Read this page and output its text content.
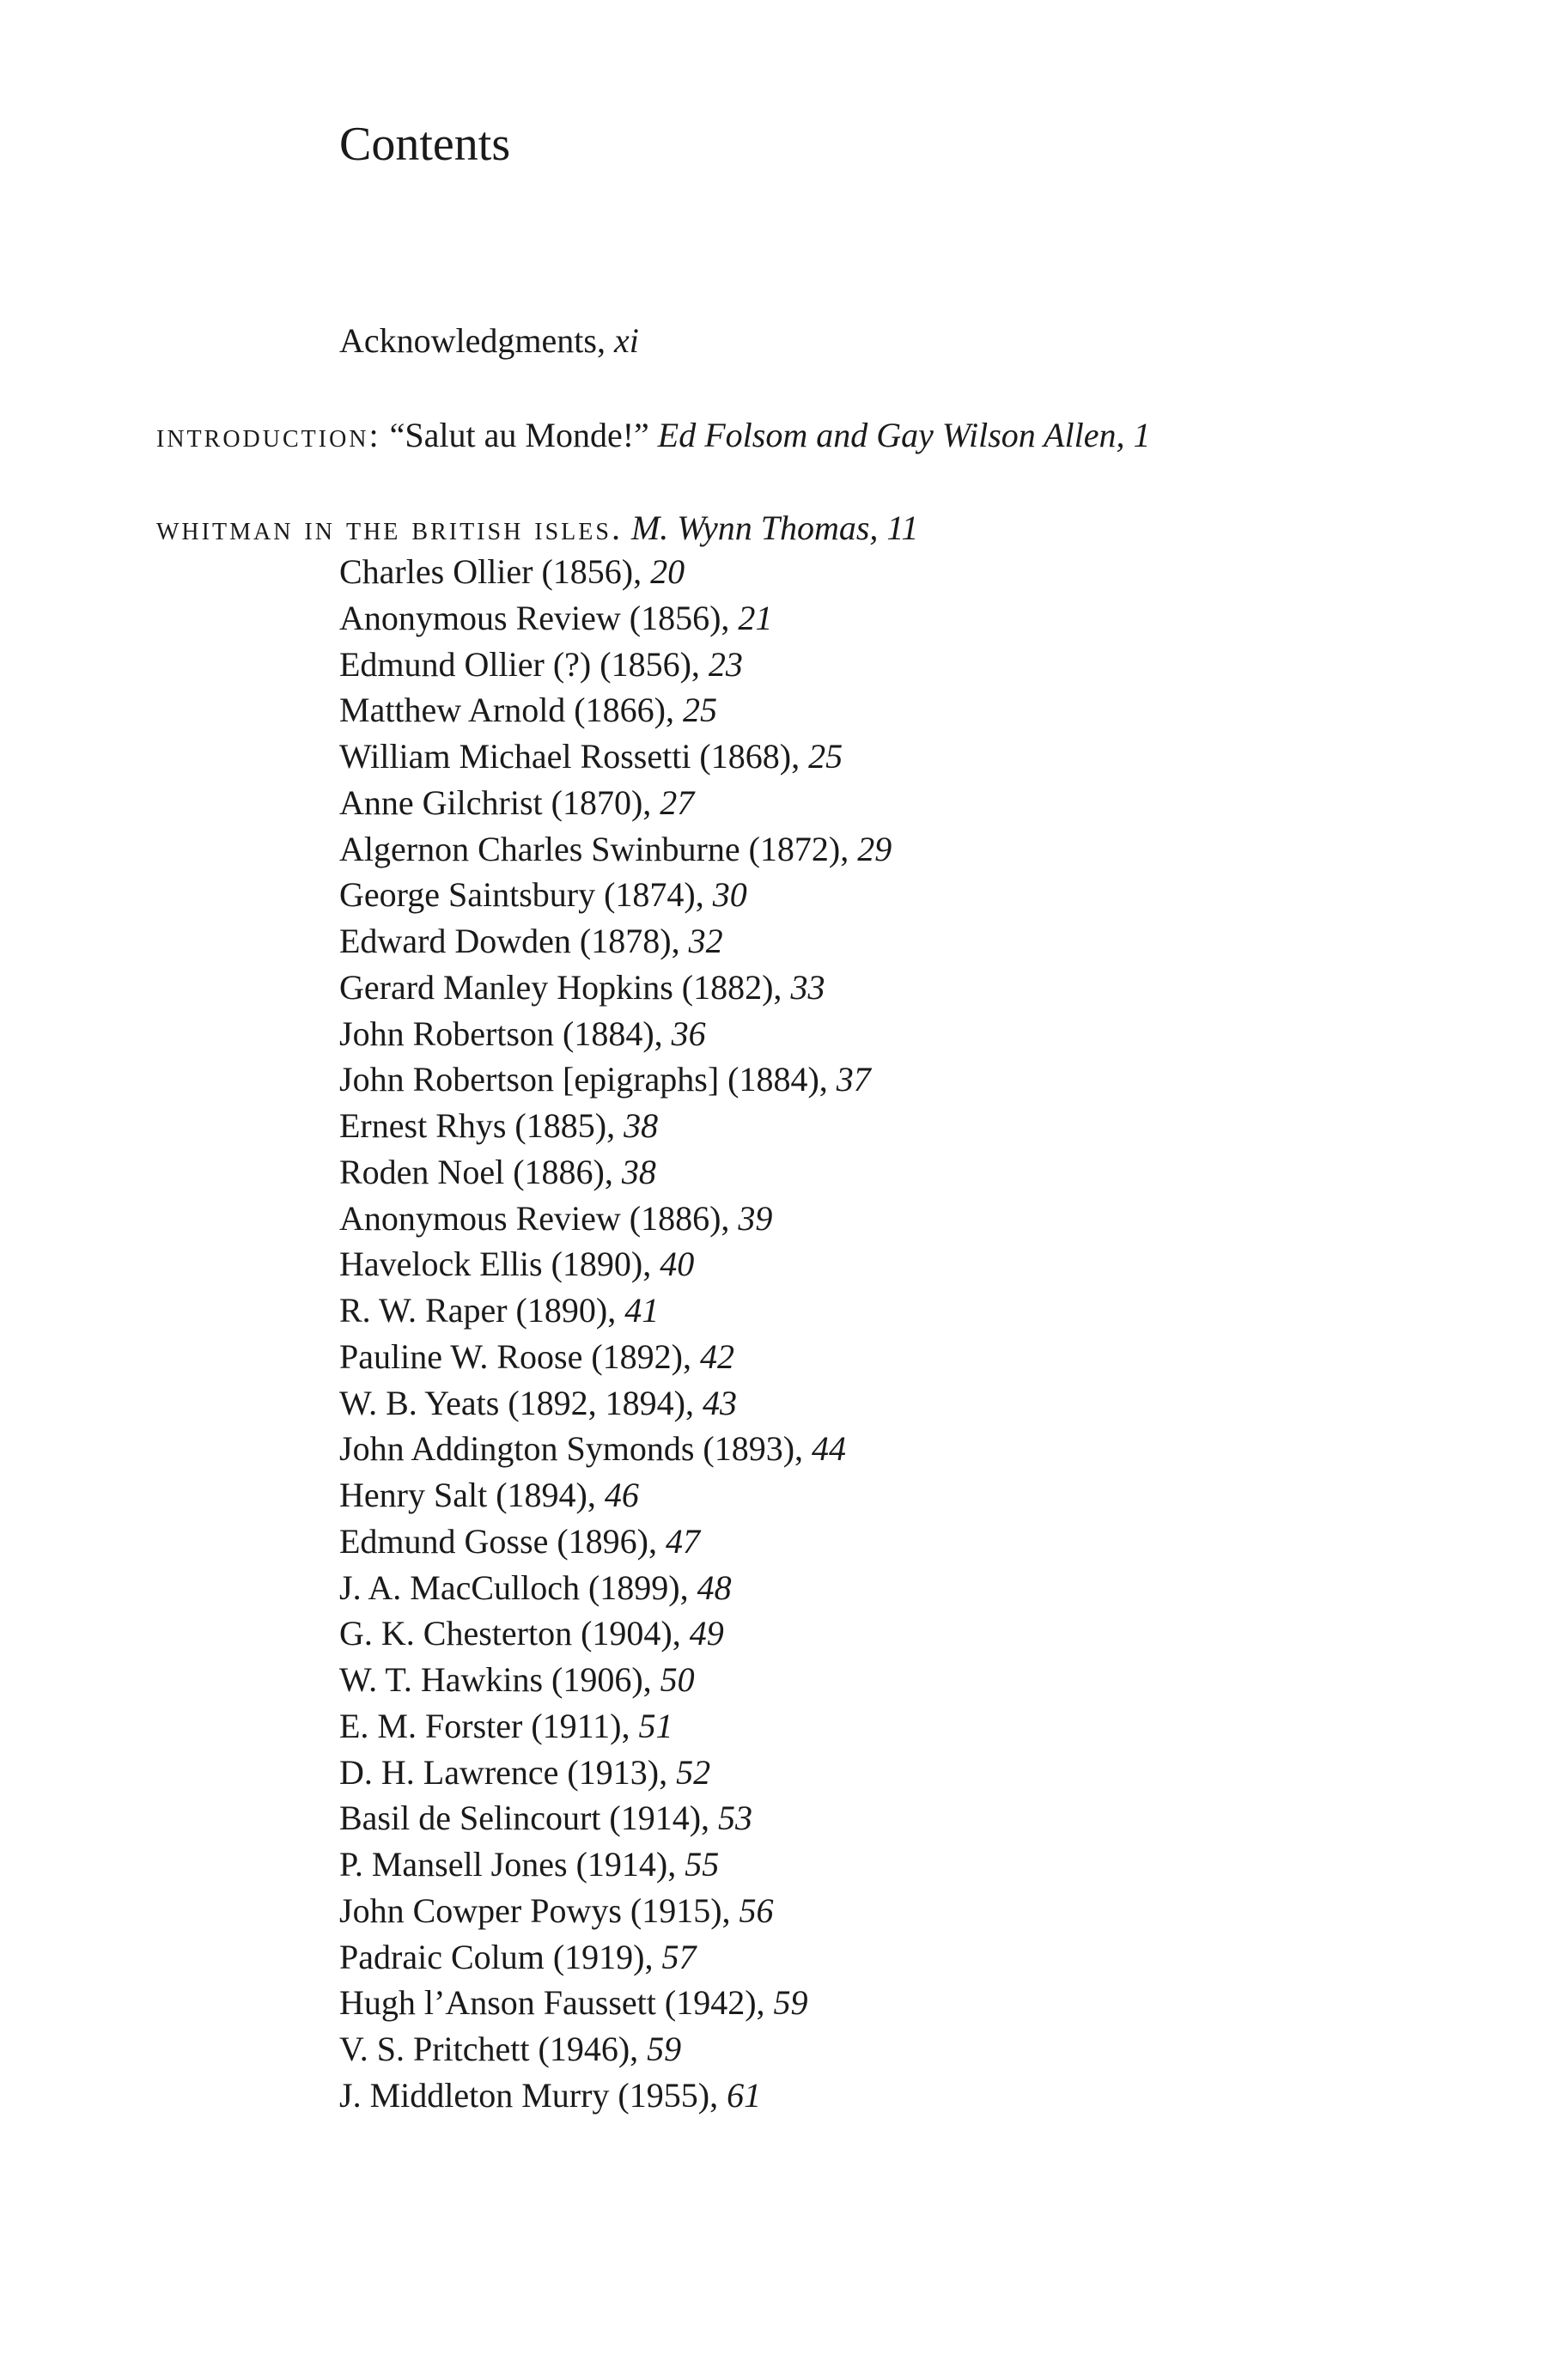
Contents
Acknowledgments, xi
introduction: “Salut au Monde!” Ed Folsom and Gay Wilson Allen, 1
whitman in the british isles. M. Wynn Thomas, 11
Charles Ollier (1856), 20
Anonymous Review (1856), 21
Edmund Ollier (?) (1856), 23
Matthew Arnold (1866), 25
William Michael Rossetti (1868), 25
Anne Gilchrist (1870), 27
Algernon Charles Swinburne (1872), 29
George Saintsbury (1874), 30
Edward Dowden (1878), 32
Gerard Manley Hopkins (1882), 33
John Robertson (1884), 36
John Robertson [epigraphs] (1884), 37
Ernest Rhys (1885), 38
Roden Noel (1886), 38
Anonymous Review (1886), 39
Havelock Ellis (1890), 40
R. W. Raper (1890), 41
Pauline W. Roose (1892), 42
W. B. Yeats (1892, 1894), 43
John Addington Symonds (1893), 44
Henry Salt (1894), 46
Edmund Gosse (1896), 47
J. A. MacCulloch (1899), 48
G. K. Chesterton (1904), 49
W. T. Hawkins (1906), 50
E. M. Forster (1911), 51
D. H. Lawrence (1913), 52
Basil de Selincourt (1914), 53
P. Mansell Jones (1914), 55
John Cowper Powys (1915), 56
Padraic Colum (1919), 57
Hugh l’Anson Faussett (1942), 59
V. S. Pritchett (1946), 59
J. Middleton Murry (1955), 61
